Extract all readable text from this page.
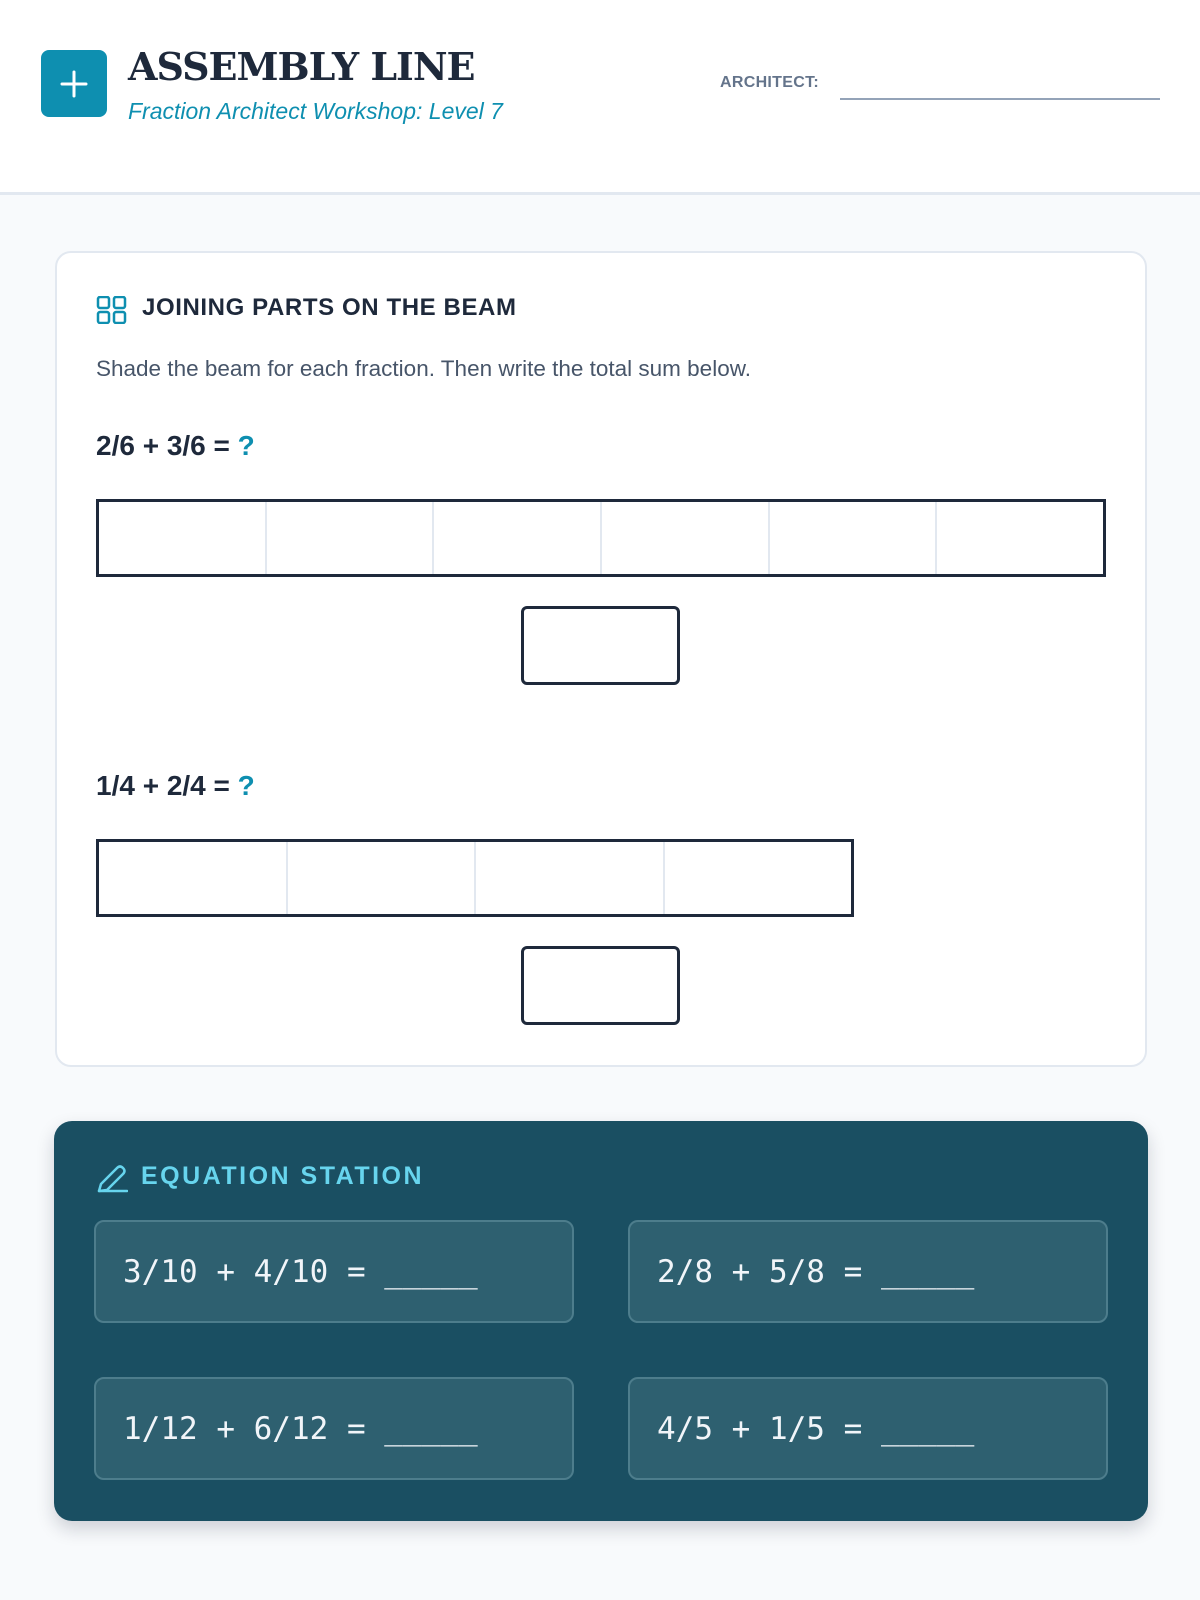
ASSEMBLY LINE
Fraction Architect Workshop: Level 7
ARCHITECT:
JOINING PARTS ON THE BEAM
Shade the beam for each fraction. Then write the total sum below.
2/6 + 3/6 = ?
1/4 + 2/4 = ?
EQUATION STATION
3/10 + 4/10 = _____	2/8 + 5/8 = _____
1/12 + 6/12 = _____	4/5 + 1/5 = _____
